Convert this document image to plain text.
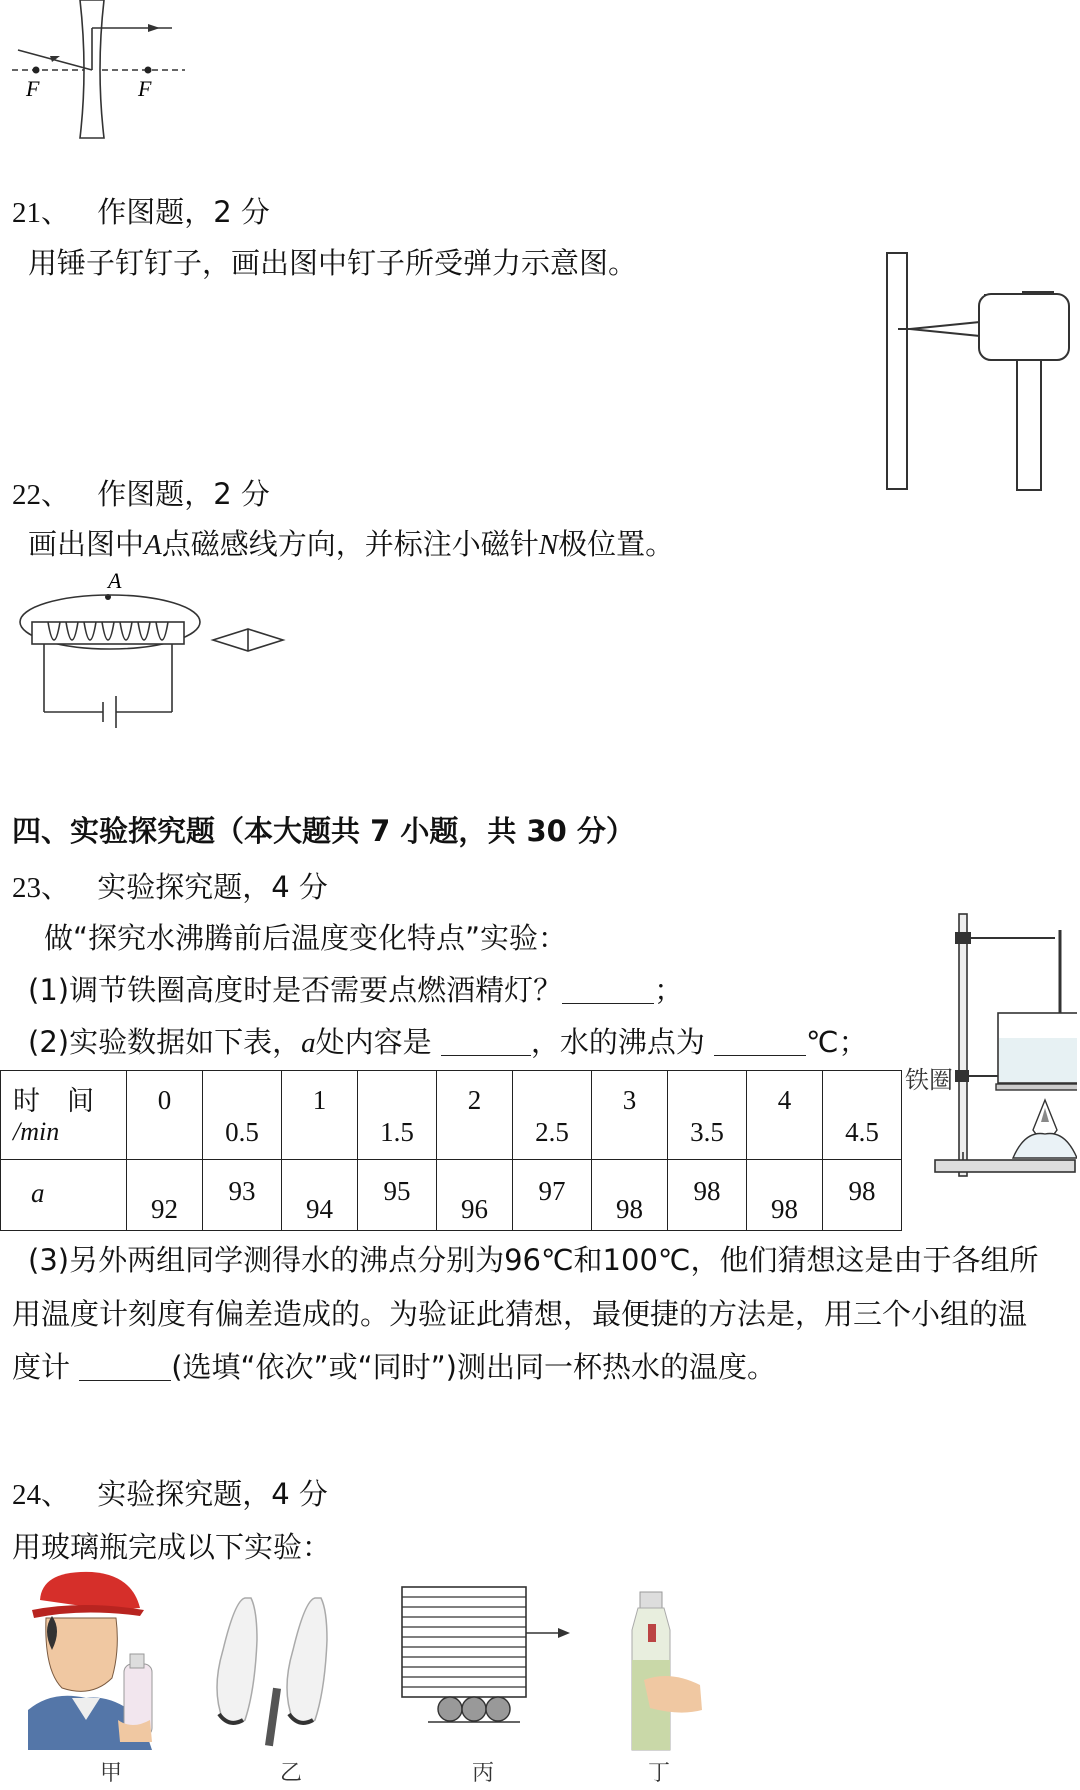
F	F
21、 作图题，2 分
用锤子钉钉子，画出图中钉子所受弹力示意图。
22、 作图题，2 分
画出图中A点磁感线方向，并标注小磁针N极位置。
A
四、实验探究题（本大题共 7 小题，共 30 分）
23、 实验探究题，4 分
做“探究水沸腾前后温度变化特点”实验：
(1)调节铁圈高度时是否需要点燃酒精灯？	；
(2)实验数据如下表，a处内容是	，水的沸点为	℃；
时　间
/min	0	0.5	1	1.5	2	2.5	3	3.5	4	4.5

a	92	93	94	95	96	97	98	98	98	98
铁圈
(3)另外两组同学测得水的沸点分别为96℃和100℃，他们猜想这是由于各组所
用温度计刻度有偏差造成的。为验证此猜想，最便捷的方法是，用三个小组的温
度计	(选填“依次”或“同时”)测出同一杯热水的温度。
24、 实验探究题，4 分
用玻璃瓶完成以下实验：
甲	乙	丙	丁
